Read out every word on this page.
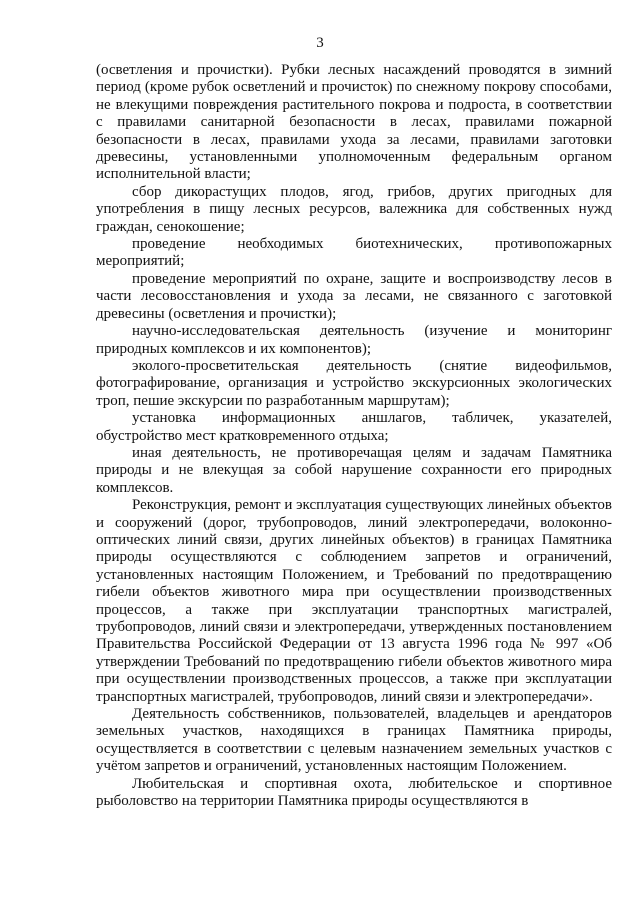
3

(осветления и прочистки). Рубки лесных насаждений проводятся в зимний период (кроме рубок осветлений и прочисток) по снежному покрову способами, не влекущими повреждения растительного покрова и подроста, в соответствии с правилами санитарной безопасности в лесах, правилами пожарной безопасности в лесах, правилами ухода за лесами, правилами заготовки древесины, установленными уполномоченным федеральным органом исполнительной власти;

сбор дикорастущих плодов, ягод, грибов, других пригодных для употребления в пищу лесных ресурсов, валежника для собственных нужд граждан, сенокошение;

проведение необходимых биотехнических, противопожарных мероприятий;

проведение мероприятий по охране, защите и воспроизводству лесов в части лесовосстановления и ухода за лесами, не связанного с заготовкой древесины (осветления и прочистки);

научно-исследовательская деятельность (изучение и мониторинг природных комплексов и их компонентов);

эколого-просветительская деятельность (снятие видеофильмов, фотографирование, организация и устройство экскурсионных экологических троп, пешие экскурсии по разработанным маршрутам);

установка информационных аншлагов, табличек, указателей, обустройство мест кратковременного отдыха;

иная деятельность, не противоречащая целям и задачам Памятника природы и не влекущая за собой нарушение сохранности его природных комплексов.

Реконструкция, ремонт и эксплуатация существующих линейных объектов и сооружений (дорог, трубопроводов, линий электропередачи, волоконно-оптических линий связи, других линейных объектов) в границах Памятника природы осуществляются с соблюдением запретов и ограничений, установленных настоящим Положением, и Требований по предотвращению гибели объектов животного мира при осуществлении производственных процессов, а также при эксплуатации транспортных магистралей, трубопроводов, линий связи и электропередачи, утвержденных постановлением Правительства Российской Федерации от 13 августа 1996 года № 997 «Об утверждении Требований по предотвращению гибели объектов животного мира при осуществлении производственных процессов, а также при эксплуатации транспортных магистралей, трубопроводов, линий связи и электропередачи».

Деятельность собственников, пользователей, владельцев и арендаторов земельных участков, находящихся в границах Памятника природы, осуществляется в соответствии с целевым назначением земельных участков с учётом запретов и ограничений, установленных настоящим Положением.

Любительская и спортивная охота, любительское и спортивное рыболовство на территории Памятника природы осуществляются в
